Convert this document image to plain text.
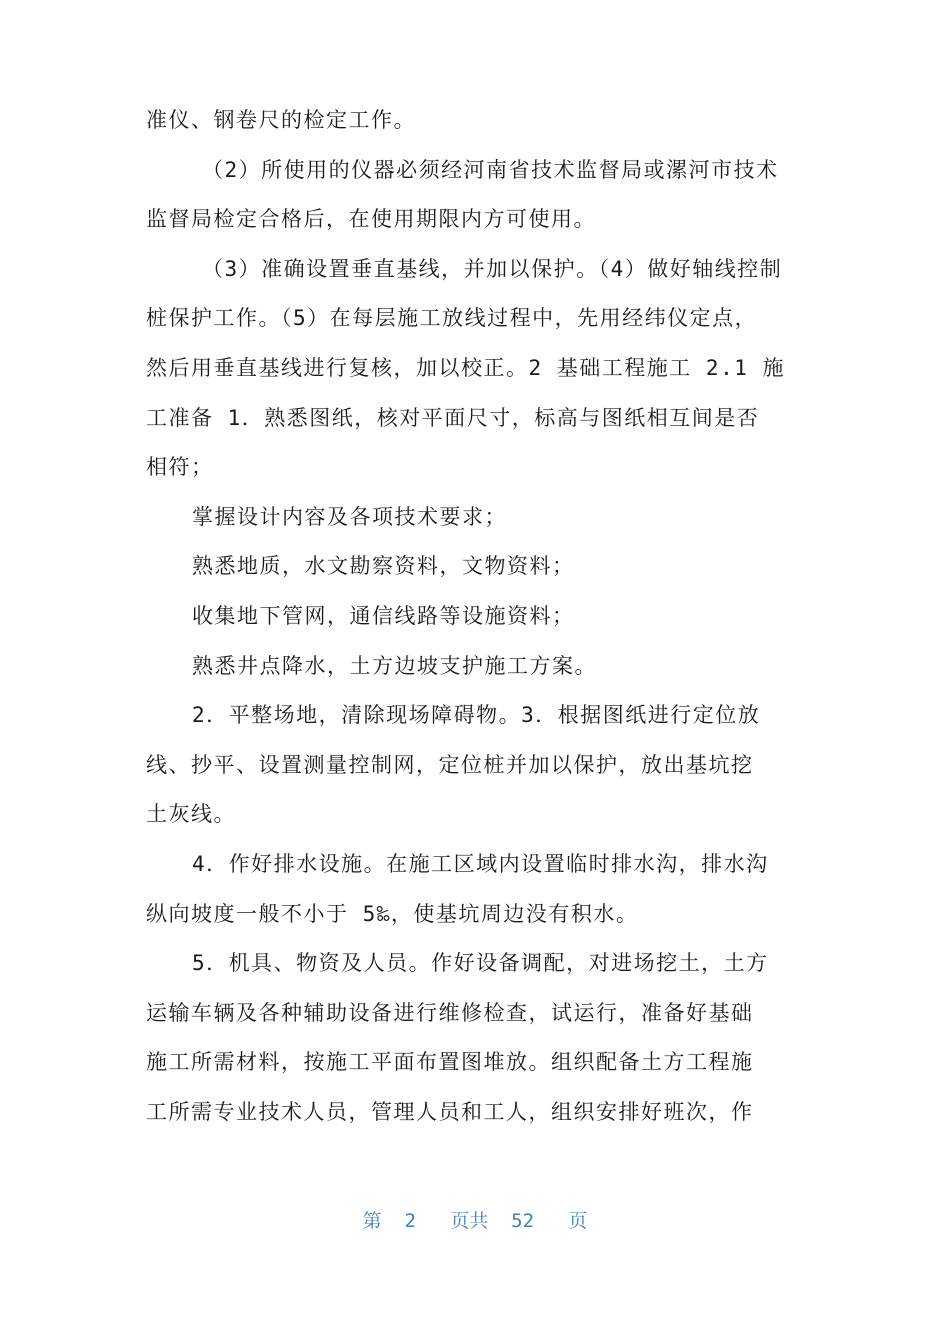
准仪、钢卷尺的检定工作。
（2）所使用的仪器必须经河南省技术监督局或漯河市技术
监督局检定合格后，在使用期限内方可使用。
（3）准确设置垂直基线，并加以保护。（4）做好轴线控制
桩保护工作。（5）在每层施工放线过程中，先用经纬仪定点，
然后用垂直基线进行复核，加以校正。2 基础工程施工 2.1 施
工准备 1．熟悉图纸，核对平面尺寸，标高与图纸相互间是否
相符；
掌握设计内容及各项技术要求；
熟悉地质，水文勘察资料，文物资料；
收集地下管网，通信线路等设施资料；
熟悉井点降水，土方边坡支护施工方案。
2．平整场地，清除现场障碍物。3．根据图纸进行定位放
线、抄平、设置测量控制网，定位桩并加以保护，放出基坑挖
土灰线。
4．作好排水设施。在施工区域内设置临时排水沟，排水沟
纵向坡度一般不小于 5‰，使基坑周边没有积水。
5．机具、物资及人员。作好设备调配，对进场挖土，土方
运输车辆及各种辅助设备进行维修检查，试运行，准备好基础
施工所需材料，按施工平面布置图堆放。组织配备土方工程施
工所需专业技术人员，管理人员和工人，组织安排好班次，作
第  2   页共  52   页
